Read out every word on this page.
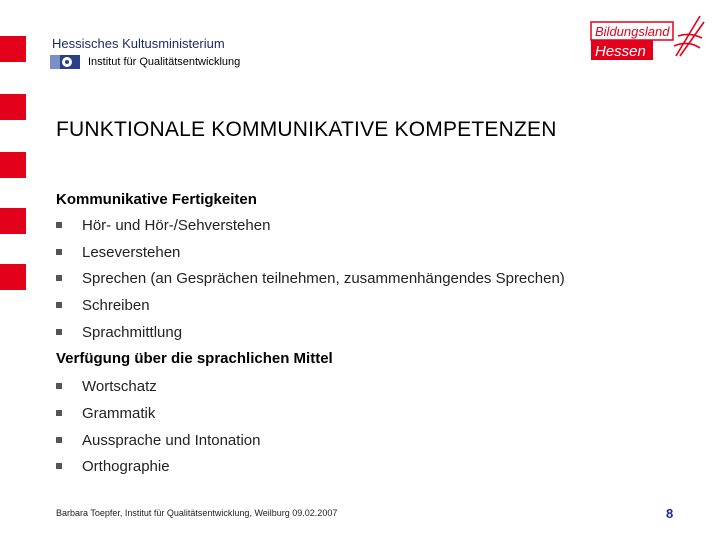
Hessisches Kultusministerium
Institut für Qualitätsentwicklung
Bildungsland
Hessen
FUNKTIONALE KOMMUNIKATIVE KOMPETENZEN
Kommunikative Fertigkeiten
Hör- und Hör-/Sehverstehen
Leseverstehen
Sprechen (an Gesprächen teilnehmen, zusammenhängendes Sprechen)
Schreiben
Sprachmittlung
Verfügung über die sprachlichen Mittel
Wortschatz
Grammatik
Aussprache und Intonation
Orthographie
Barbara Toepfer, Institut für Qualitätsentwicklung, Weilburg 09.02.2007	8
